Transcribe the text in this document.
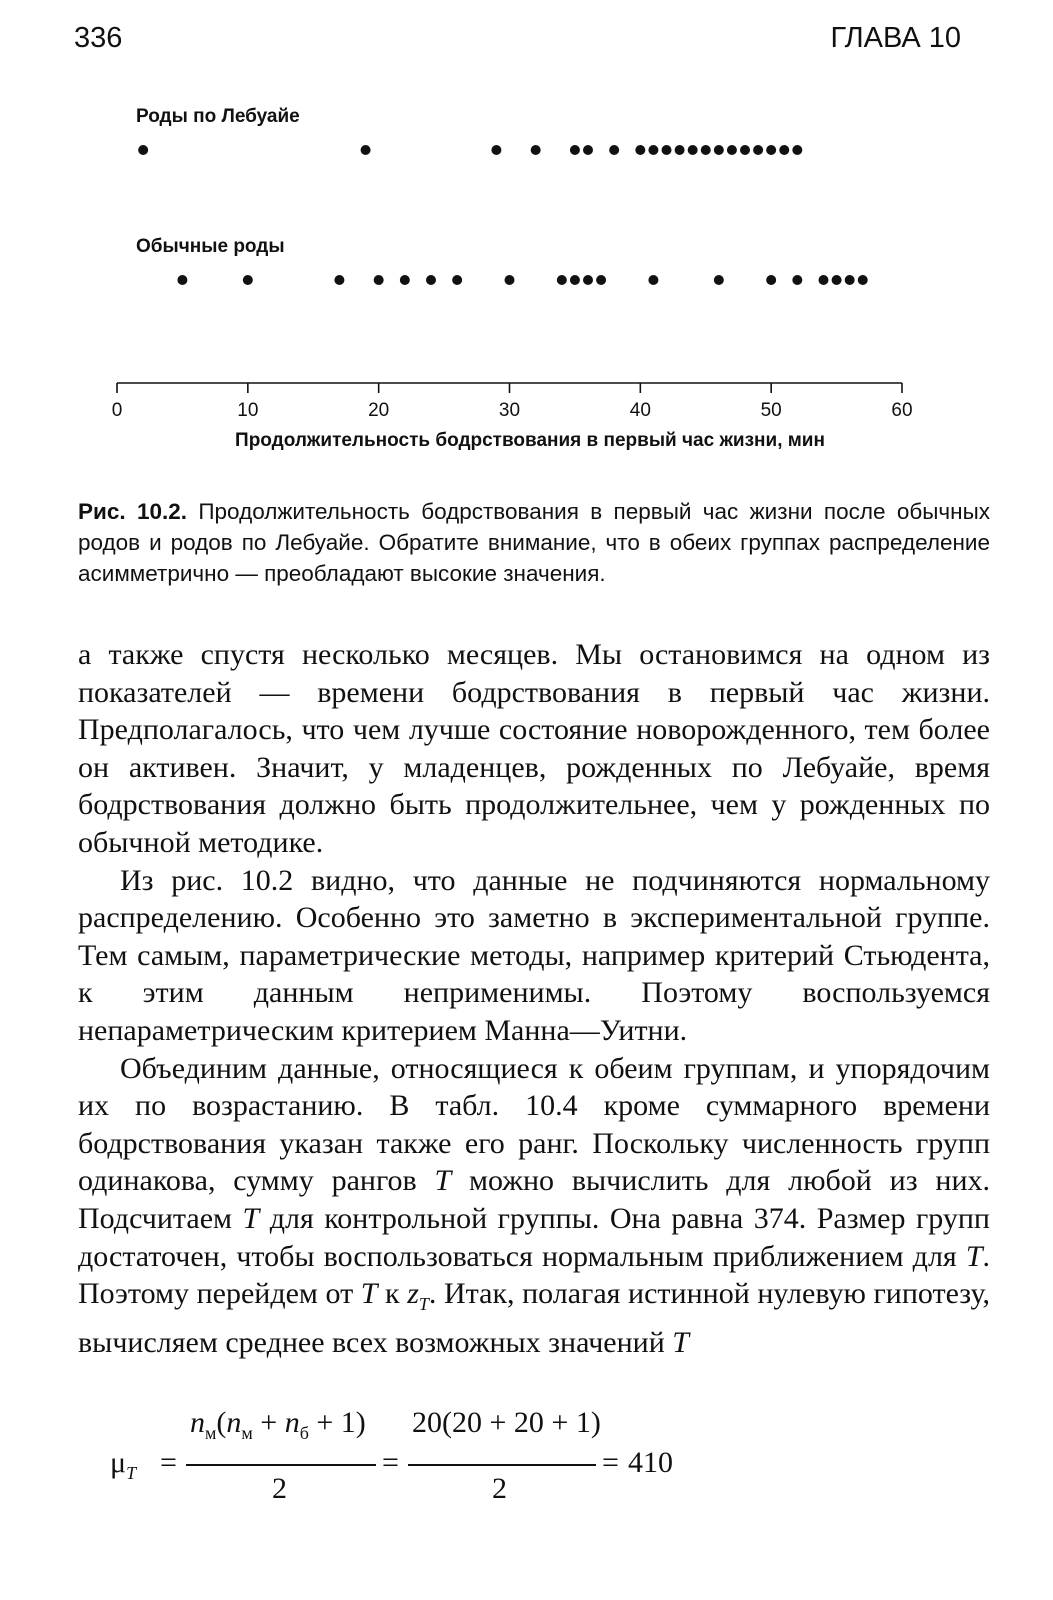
336	ГЛАВА 10
Роды по Лебуайе
Обычные роды
0	10	20	30	40	50	60
Продолжительность бодрствования в первый час жизни, мин
Рис. 10.2. Продолжительность бодрствования в первый час жизни после обычных родов и родов по Лебуайе. Обратите внимание, что в обеих группах распределение асимметрично — преобладают высокие значения.

а также спустя несколько месяцев. Мы остановимся на одном из показателей — времени бодрствования в первый час жизни. Предполагалось, что чем лучше состояние новорожденного, тем более он активен. Значит, у младенцев, рожденных по Лебуайе, время бодрствования должно быть продолжительнее, чем у рожденных по обычной методике.

Из рис. 10.2 видно, что данные не подчиняются нормальному распределению. Особенно это заметно в экспериментальной группе. Тем самым, параметрические методы, например критерий Стьюдента, к этим данным неприменимы. Поэтому воспользуемся непараметрическим критерием Манна—Уитни.

Объединим данные, относящиеся к обеим группам, и упорядочим их по возрастанию. В табл. 10.4 кроме суммарного времени бодрствования указан также его ранг. Поскольку численность групп одинакова, сумму рангов T можно вычислить для любой из них. Подсчитаем T для контрольной группы. Она равна 374. Размер групп достаточен, чтобы воспользоваться нормальным приближением для T. Поэтому перейдем от T к $z_T$. Итак, полагая истинной нулевую гипотезу, вычисляем среднее всех возможных значений T

$\mu_T$ =
$n_м(n_м + n_б + 1)$
2
=
20(20 + 20 + 1)
2
= 410
